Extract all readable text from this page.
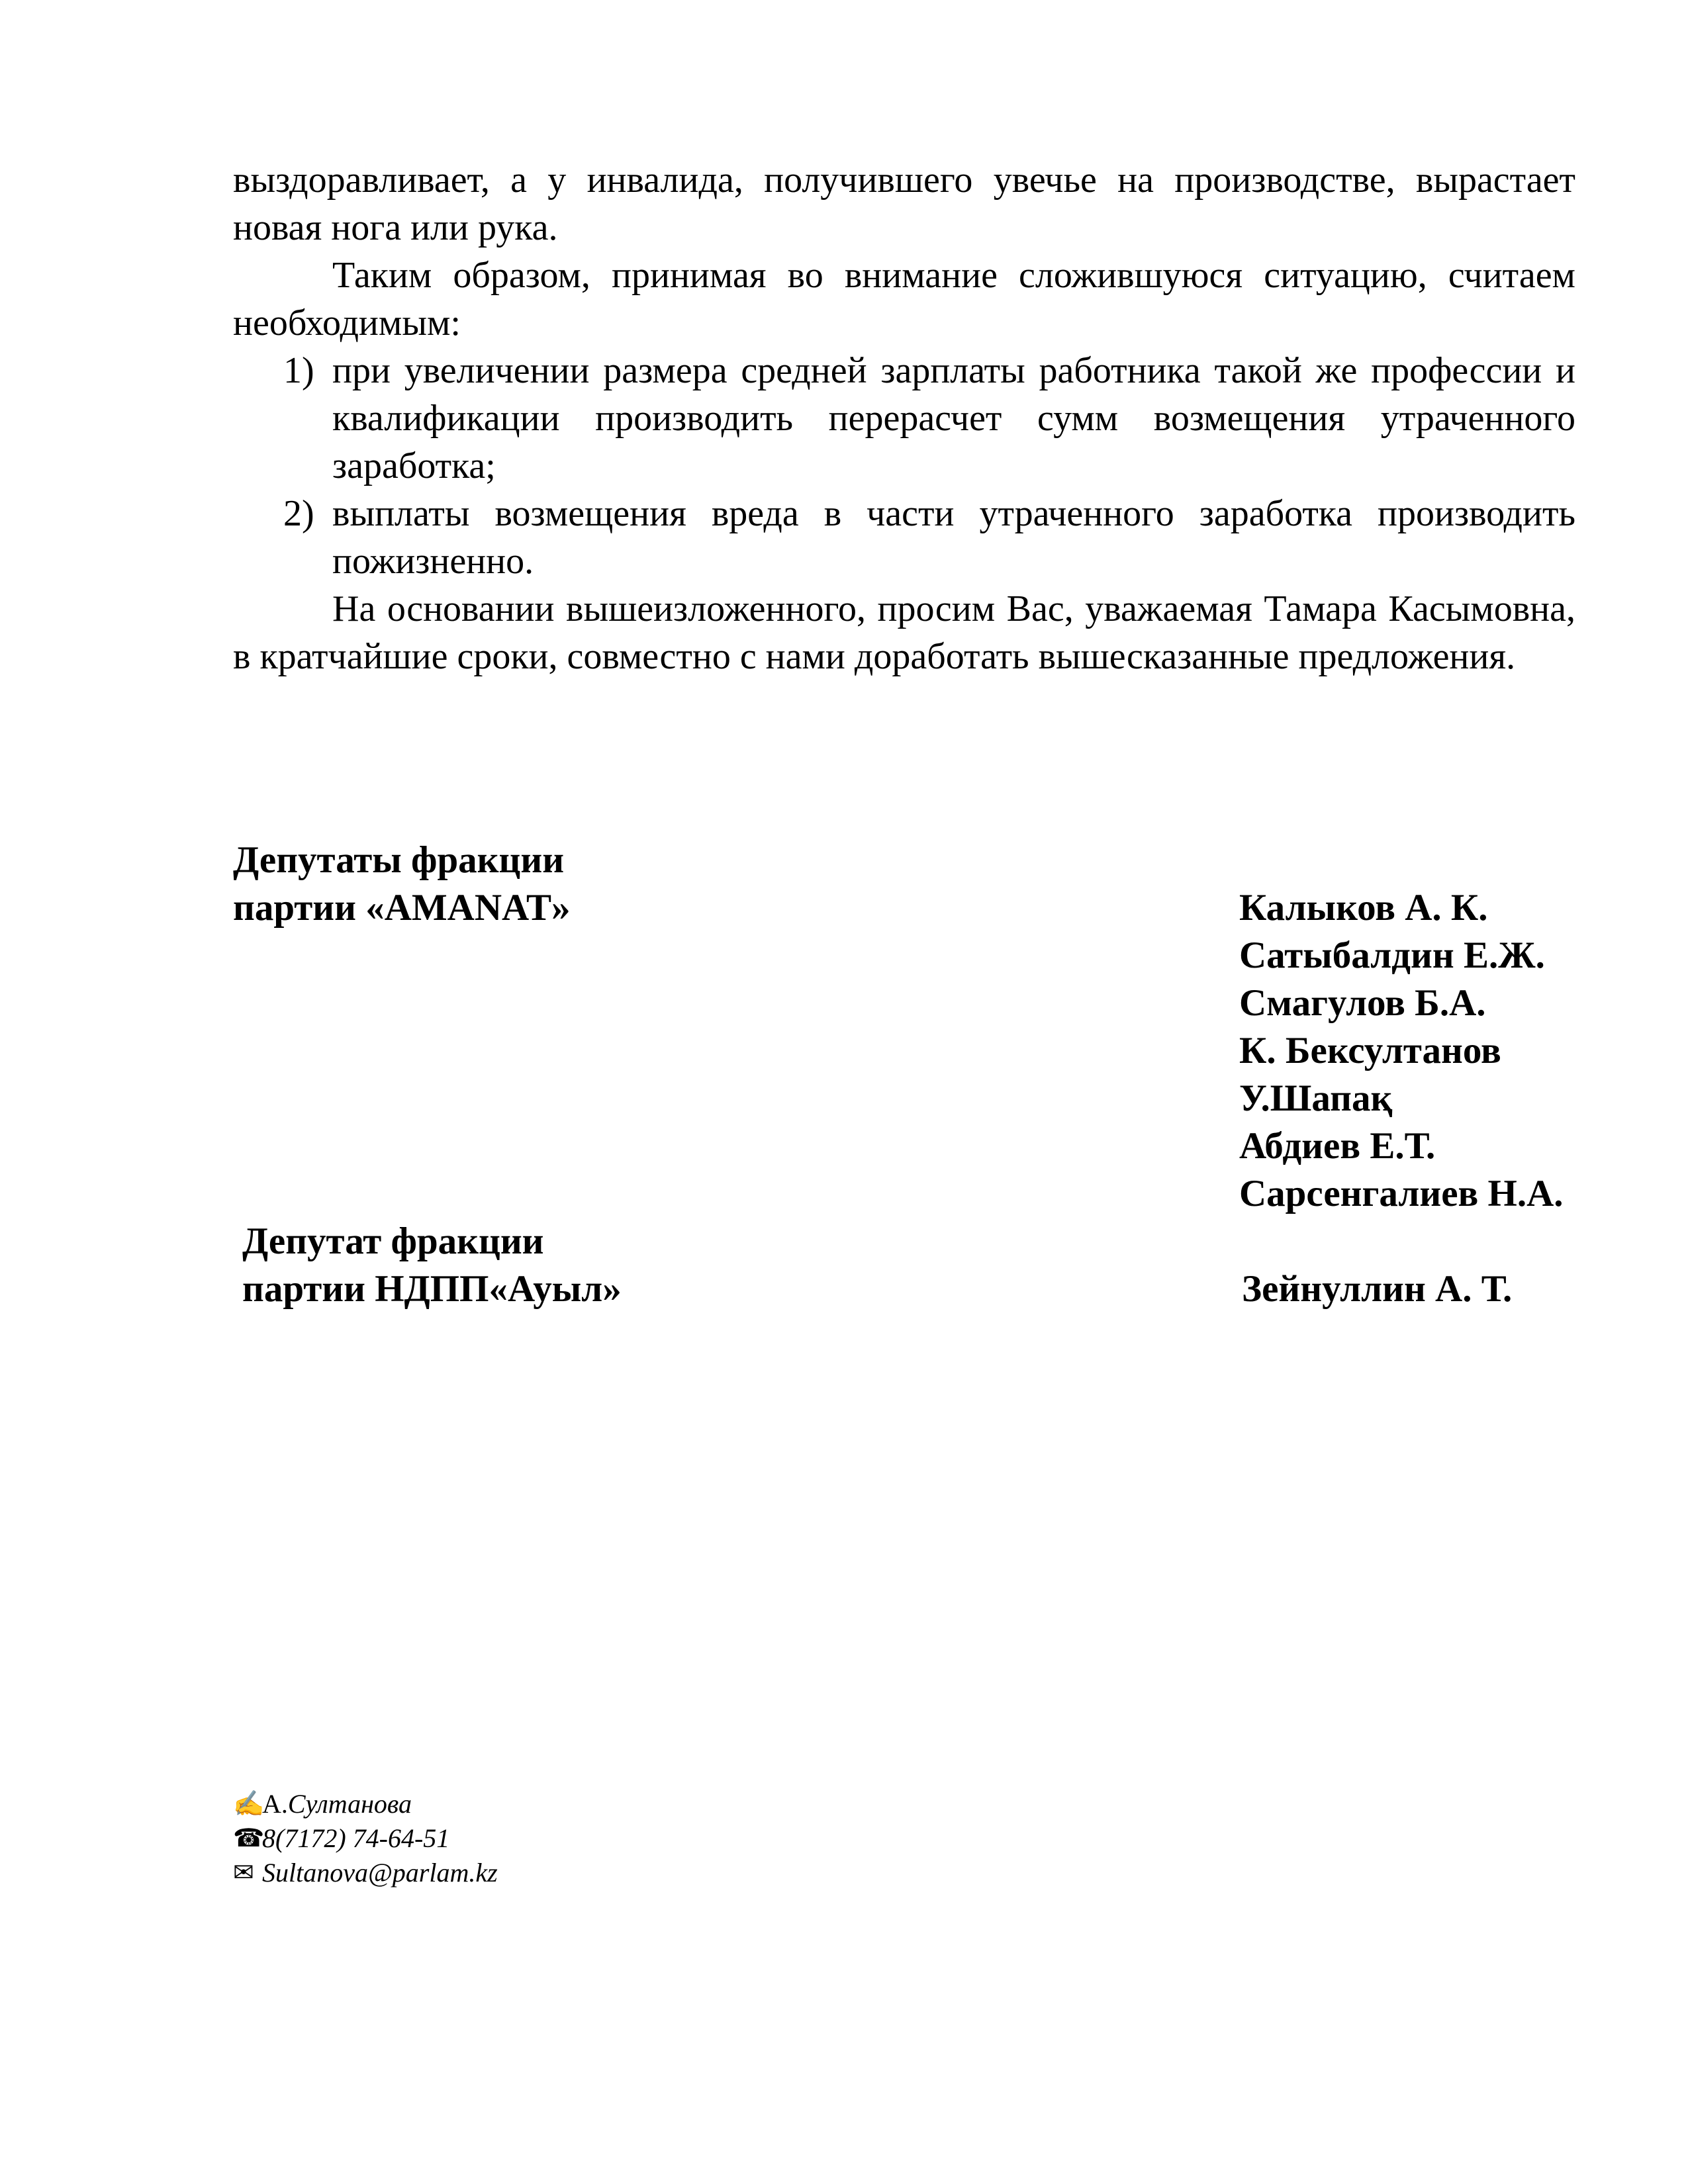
выздоравливает, а у инвалида, получившего увечье на производстве, вырастает новая нога или рука.

Таким образом, принимая во внимание сложившуюся ситуацию, считаем необходимым:

1) при увеличении размера средней зарплаты работника такой же профессии и квалификации производить перерасчет сумм возмещения утраченного заработка;
2) выплаты возмещения вреда в части утраченного заработка производить пожизненно.

На основании вышеизложенного, просим Вас, уважаемая Тамара Касымовна, в кратчайшие сроки, совместно с нами доработать вышесказанные предложения.

Депутаты фракции
партии «AMANAT»	Калыков А. К.
Сатыбалдин Е.Ж.
Смагулов Б.А.
К. Бексултанов
У.Шапақ
Абдиев Е.Т.
Сарсенгалиев Н.А.
Депутат фракции
партии НДПП«Ауыл»	Зейнуллин А. Т.
✍
А. Султанова
☎
8(7172) 74-64-51
✉ Sultanova@parlam.kz
